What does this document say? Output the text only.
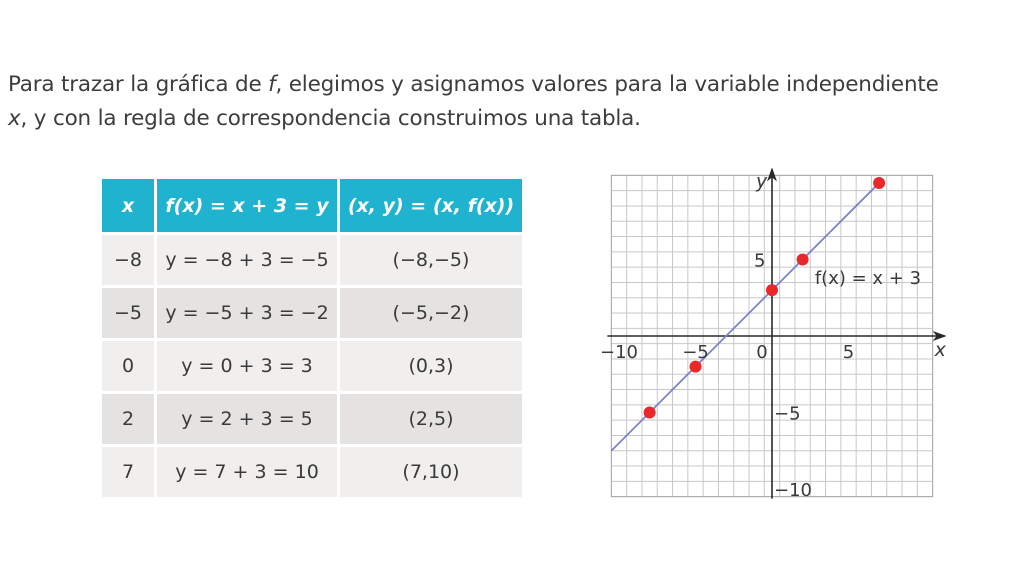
Para trazar la gráfica de f, elegimos y asignamos valores para la variable independiente
x, y con la regla de correspondencia construimos una tabla.
x	f(x) = x + 3 = y	(x, y) = (x, f(x))
−8	y = −8 + 3 = −5	(−8,−5)
−5	y = −5 + 3 = −2	(−5,−2)
0	y = 0 + 3 = 3	(0,3)
2	y = 2 + 3 = 5	(2,5)
7	y = 7 + 3 = 10	(7,10)
−10 −5	0	5
5
−5
−10
x
y
f(x) = x + 3
